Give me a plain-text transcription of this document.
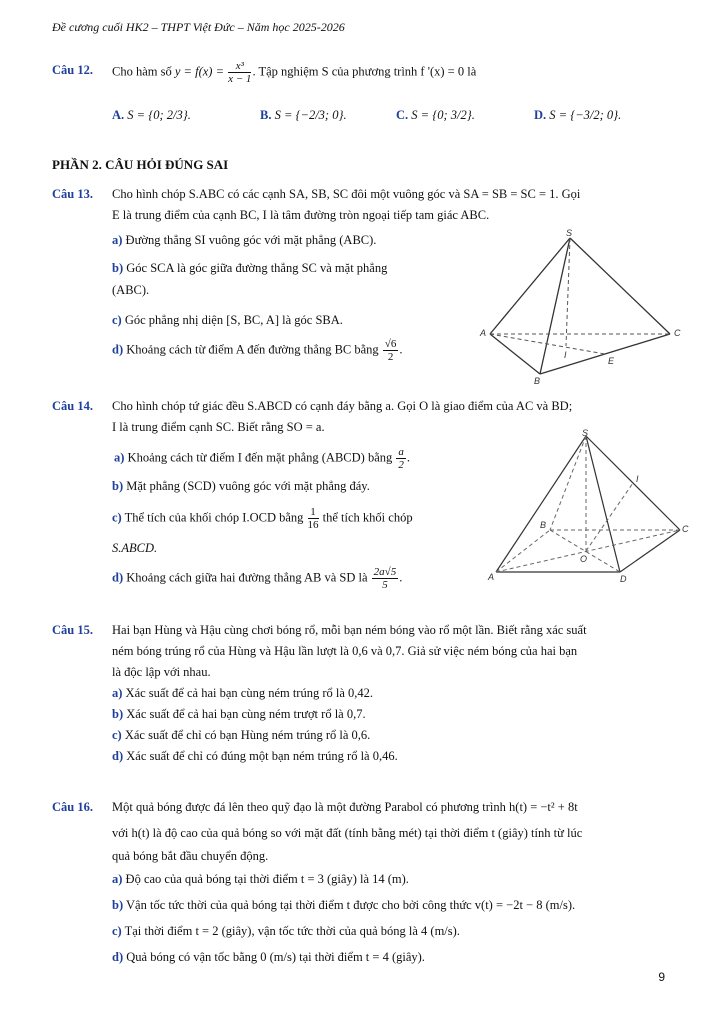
Đề cương cuối HK2 – THPT Việt Đức – Năm học 2025-2026
Câu 12. Cho hàm số $y = f(x) = \frac{\text{x³}}{x - 1}$ . Tập nghiệm S của phương trình f '(x) = 0 là
A. S = {0; 2/3}.	B. S = {−2/3; 0}.	C. S = {0; 3/2}.	D. S = {−3/2; 0}.
PHẦN 2. CÂU HỎI ĐÚNG SAI
Câu 13. Cho hình chóp S.ABC có các cạnh SA, SB, SC đôi một vuông góc và SA = SB = SC = 1. Gọi
E là trung điểm của cạnh BC, I là tâm đường tròn ngoại tiếp tam giác ABC.
a) Đường thẳng SI vuông góc với mặt phẳng (ABC).
b) Góc SCA là góc giữa đường thẳng SC và mặt phẳng
(ABC).
c) Góc phẳng nhị diện [S, BC, A] là góc SBA.
d) Khoảng cách từ điểm A đến đường thẳng BC bằng $\frac{√6}{2}$ .
S
A
B
C
I
E
Câu 14. Cho hình chóp tứ giác đều S.ABCD có cạnh đáy bằng a. Gọi O là giao điểm của AC và BD;
I là trung điểm cạnh SC. Biết rằng SO = a.
a) Khoảng cách từ điểm I đến mặt phẳng (ABCD) bằng $\frac{a}{2}$ .
b) Mặt phẳng (SCD) vuông góc với mặt phẳng đáy.
c) Thể tích của khối chóp I.OCD bằng $\frac{1}{16}$ thể tích khối chóp
S.ABCD.
d) Khoảng cách giữa hai đường thẳng AB và SD là $\frac{2a√5}{5}$ .
S
A
B	C
D
O
I
Câu 15. Hai bạn Hùng và Hậu cùng chơi bóng rổ, mỗi bạn ném bóng vào rổ một lần. Biết rằng xác suất
ném bóng trúng rổ của Hùng và Hậu lần lượt là 0,6 và 0,7. Giả sử việc ném bóng của hai bạn
là độc lập với nhau.
a) Xác suất để cả hai bạn cùng ném trúng rổ là 0,42.
b) Xác suất để cả hai bạn cùng ném trượt rổ là 0,7.
c) Xác suất để chỉ có bạn Hùng ném trúng rổ là 0,6.
d) Xác suất để chỉ có đúng một bạn ném trúng rổ là 0,46.
Câu 16. Một quả bóng được đá lên theo quỹ đạo là một đường Parabol có phương trình h(t) = −t² + 8t
với h(t) là độ cao của quả bóng so với mặt đất (tính bằng mét) tại thời điểm t (giây) tính từ lúc
quả bóng bắt đầu chuyển động.
a) Độ cao của quả bóng tại thời điểm t = 3 (giây) là 14 (m).
b) Vận tốc tức thời của quả bóng tại thời điểm t được cho bởi công thức v(t) = −2t − 8 (m/s).
c) Tại thời điểm t = 2 (giây), vận tốc tức thời của quả bóng là 4 (m/s).
d) Quả bóng có vận tốc bằng 0 (m/s) tại thời điểm t = 4 (giây).
9
